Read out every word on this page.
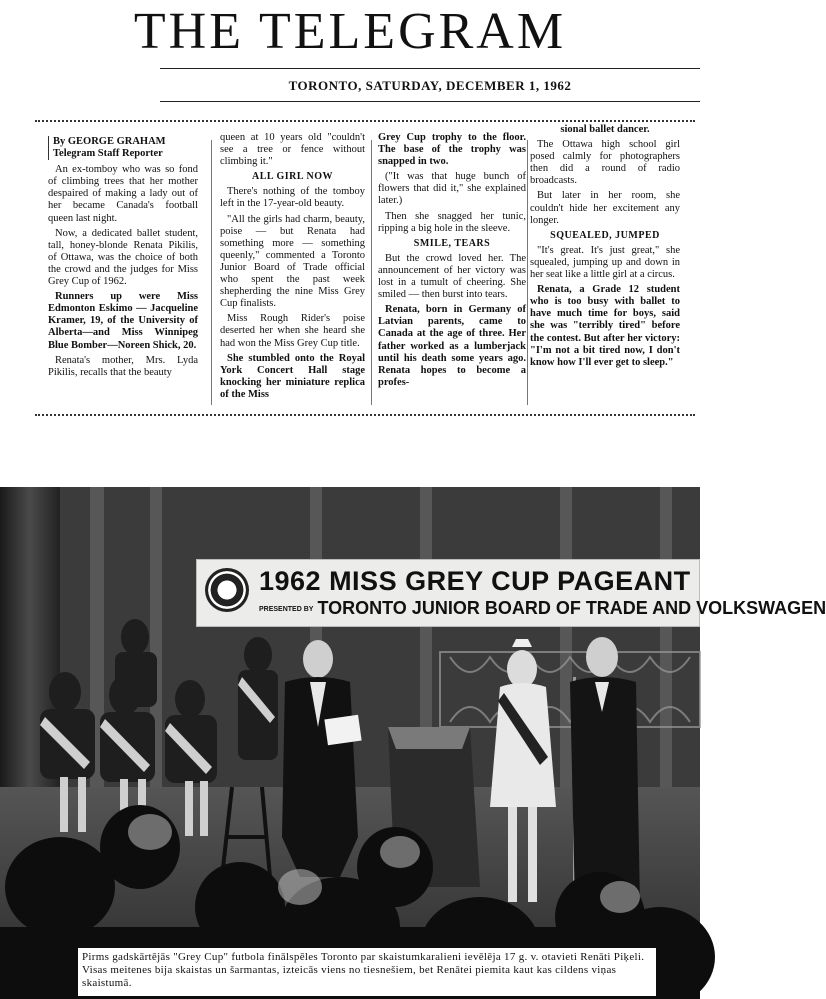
THE TELEGRAM
TORONTO, SATURDAY, DECEMBER 1, 1962

By GEORGE GRAHAM

Telegram Staff Reporter

An ex-tomboy who was so fond of climbing trees that her mother despaired of making a lady out of her became Canada's football queen last night.

Now, a dedicated ballet student, tall, honey-blonde Renata Pikilis, of Ottawa, was the choice of both the crowd and the judges for Miss Grey Cup of 1962.

Runners up were Miss Edmonton Eskimo — Jacqueline Kramer, 19, of the University of Alberta—and Miss Winnipeg Blue Bomber—Noreen Shick, 20.

Renata's mother, Mrs. Lyda Pikilis, recalls that the beauty

queen at 10 years old "couldn't see a tree or fence without climbing it."

ALL GIRL NOW

There's nothing of the tomboy left in the 17-year-old beauty.

"All the girls had charm, beauty, poise — but Renata had something more — something queenly," commented a Toronto Junior Board of Trade official who spent the past week shepherding the nine Miss Grey Cup finalists.

Miss Rough Rider's poise deserted her when she heard she had won the Miss Grey Cup title.

She stumbled onto the Royal York Concert Hall stage knocking her miniature replica of the Miss

Grey Cup trophy to the floor. The base of the trophy was snapped in two.

("It was that huge bunch of flowers that did it," she explained later.)

Then she snagged her tunic, ripping a big hole in the sleeve.

SMILE, TEARS

But the crowd loved her. The announcement of her victory was lost in a tumult of cheering. She smiled — then burst into tears.

Renata, born in Germany of Latvian parents, came to Canada at the age of three. Her father worked as a lumberjack until his death some years ago. Renata hopes to become a profes-

sional ballet dancer.

The Ottawa high school girl posed calmly for photographers then did a round of radio broadcasts.

But later in her room, she couldn't hide her excitement any longer.

SQUEALED, JUMPED

"It's great. It's just great," she squealed, jumping up and down in her seat like a little girl at a circus.

Renata, a Grade 12 student who is too busy with ballet to have much time for boys, said she was "terribly tired" before the contest. But after her victory: "I'm not a bit tired now, I don't know how I'll ever get to sleep."

1962 MISS GREY CUP PAGEANT
PRESENTED BY TORONTO JUNIOR BOARD OF TRADE AND VOLKSWAGEN
Pirms gadskārtējās "Grey Cup" futbola finālspēles Toronto par skaistumkaralieni ievēlēja 17 g. v. otavieti Renāti Piķeli. Visas meitenes bija skaistas un šarmantas, izteicās viens no tiesnešiem, bet Renātei piemita kaut kas cildens viņas skaistumā.
